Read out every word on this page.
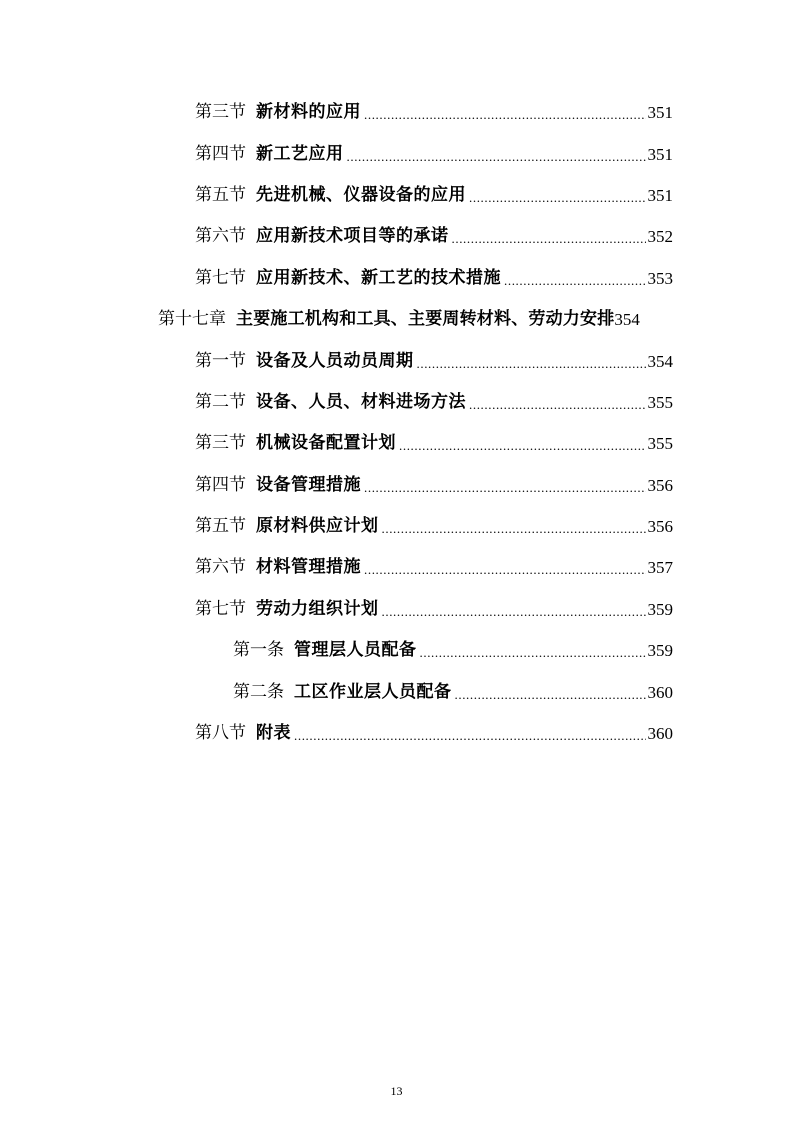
第三节 新材料的应用 .....	351
第四节 新工艺应用 .....	351
第五节 先进机械、仪器设备的应用 .....	351
第六节 应用新技术项目等的承诺 .....	352
第七节 应用新技术、新工艺的技术措施 .....	353
第十七章 主要施工机构和工具、主要周转材料、劳动力安排 354
第一节 设备及人员动员周期 .....	354
第二节 设备、人员、材料进场方法 .....	355
第三节 机械设备配置计划 .....	355
第四节 设备管理措施 .....	356
第五节 原材料供应计划 .....	356
第六节 材料管理措施 .....	357
第七节 劳动力组织计划 .....	359
第一条 管理层人员配备 .....	359
第二条 工区作业层人员配备 .....	360
第八节 附表 .....	360
13
